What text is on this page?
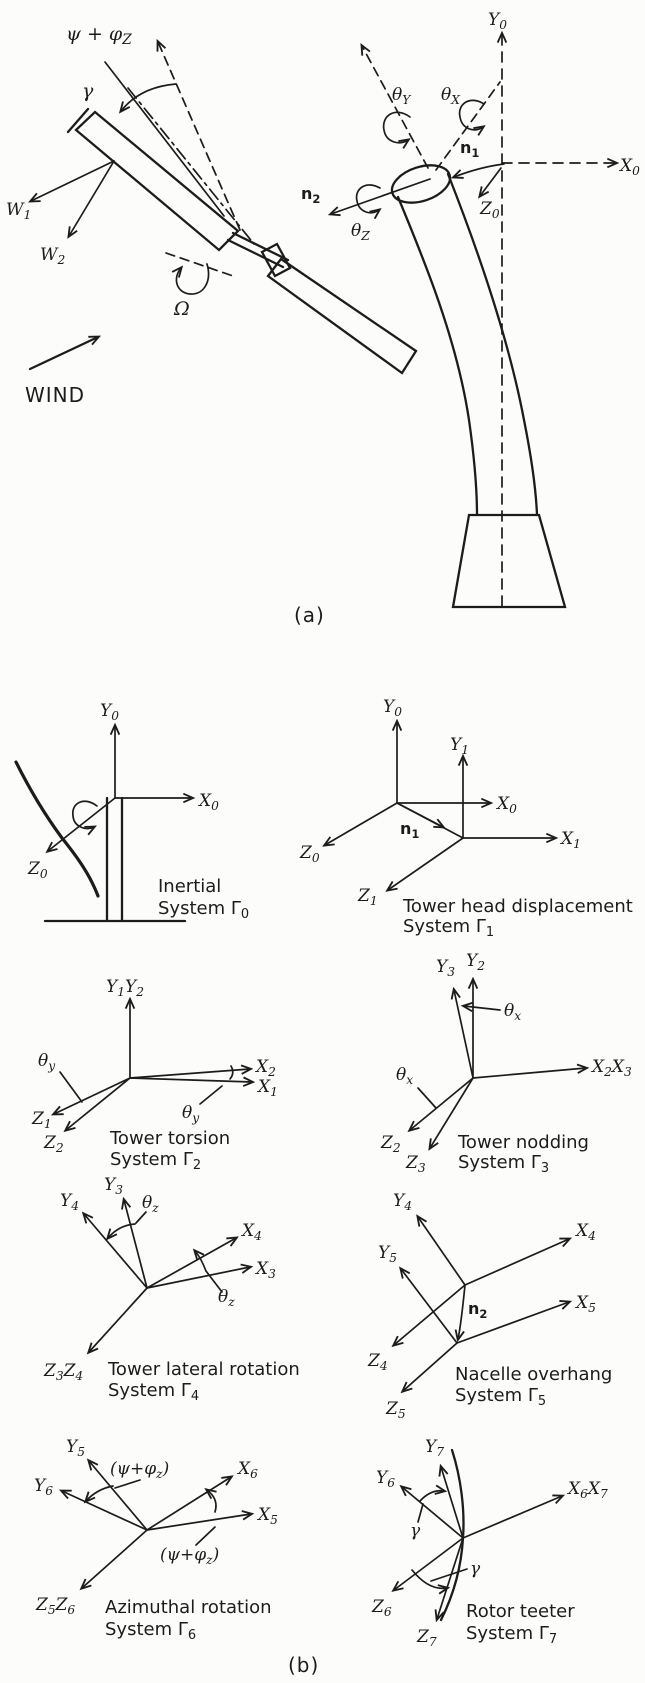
$\psi + \varphi_Z$
γ
$W_1$
$W_2$
Ω
WIND
$n_2$
$\theta_Z$
$\theta_Y$ $\theta_X$
$Y_0$
$X_0$
$Z_0$
$n_1$
(a)
$Y_0$
$X_0$
$Z_0$
Inertial
System $\Gamma_0$
$Y_0$
$Y_1$
$X_0$
$X_1$
$Z_0$
$Z_1$
$n_1$
Tower head displacement
System $\Gamma_1$
$Y_1Y_2$
$X_2$
$X_1$
$\theta_y$
$\theta_y$
$Z_1$
$Z_2$	Tower torsion
System $\Gamma_2$
$Y_2$
$Y_3$
$\theta_x$
$\theta_x$
$X_2X_3$
$Z_2$
$Z_3$
Tower nodding
System $\Gamma_3$
$Y_3$
$Y_4$	$\theta_z$
$X_4$
$X_3$
$\theta_z$
$Z_3Z_4$ Tower lateral rotation
System $\Gamma_4$
$Y_4$
$X_4$
$Z_4$
$n_2$
$Y_5$
$X_5$
$Z_5$
Nacelle overhang
System $\Gamma_5$
$Y_5$
$Y_6$
$(\psi+\varphi_z)$	$X_6$
$X_5$
$(\psi+\varphi_z)$
$Z_5Z_6$ Azimuthal rotation
System $\Gamma_6$
$Y_7$
$Y_6$
γ
$X_6X_7$
γ
$Z_6$
$Z_7$
Rotor teeter
System $\Gamma_7$
(b)
